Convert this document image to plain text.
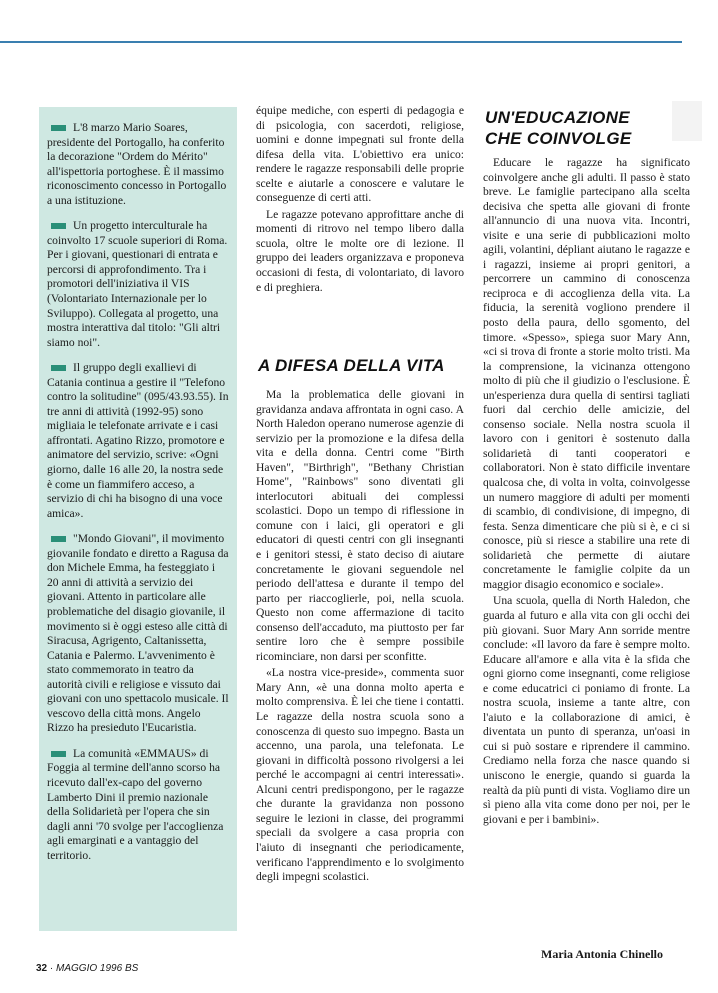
L'8 marzo Mario Soares, presidente del Portogallo, ha conferito la decorazione "Ordem do Mérito" all'ispettoria portoghese. È il massimo riconoscimento concesso in Portogallo a una istituzione.

Un progetto interculturale ha coinvolto 17 scuole superiori di Roma. Per i giovani, questionari di entrata e percorsi di approfondimento. Tra i promotori dell'iniziativa il VIS (Volontariato Internazionale per lo Sviluppo). Collegata al progetto, una mostra interattiva dal titolo: "Gli altri siamo noi".

Il gruppo degli exallievi di Catania continua a gestire il "Telefono contro la solitudine" (095/43.93.55). In tre anni di attività (1992-95) sono migliaia le telefonate arrivate e i casi affrontati. Agatino Rizzo, promotore e animatore del servizio, scrive: «Ogni giorno, dalle 16 alle 20, la nostra sede è come un fiammifero acceso, a servizio di chi ha bisogno di una voce amica».

"Mondo Giovani", il movimento giovanile fondato e diretto a Ragusa da don Michele Emma, ha festeggiato i 20 anni di attività a servizio dei giovani. Attento in particolare alle problematiche del disagio giovanile, il movimento si è oggi esteso alle città di Siracusa, Agrigento, Caltanissetta, Catania e Palermo. L'avvenimento è stato commemorato in teatro da autorità civili e religiose e vissuto dai giovani con uno spettacolo musicale. Il vescovo della città mons. Angelo Rizzo ha presieduto l'Eucaristia.

La comunità «EMMAUS» di Foggia al termine dell'anno scorso ha ricevuto dall'ex-capo del governo Lamberto Dini il premio nazionale della Solidarietà per l'opera che sin dagli anni '70 svolge per l'accoglienza agli emarginati e a vantaggio del territorio.

équipe mediche, con esperti di pedagogia e di psicologia, con sacerdoti, religiose, uomini e donne impegnati sul fronte della difesa della vita. L'obiettivo era unico: rendere le ragazze responsabili delle proprie scelte e aiutarle a conoscere e valutare le conseguenze di certi atti.

Le ragazze potevano approfittare anche di momenti di ritrovo nel tempo libero dalla scuola, oltre le molte ore di lezione. Il gruppo dei leaders organizzava e proponeva occasioni di festa, di volontariato, di lavoro e di preghiera.

A DIFESA DELLA VITA

Ma la problematica delle giovani in gravidanza andava affrontata in ogni caso. A North Haledon operano numerose agenzie di servizio per la promozione e la difesa della vita e della donna. Centri come "Birth Haven", "Birthrigh", "Bethany Christian Home", "Rainbows" sono diventati gli interlocutori abituali dei complessi scolastici. Dopo un tempo di riflessione in comune con i laici, gli operatori e gli educatori di questi centri con gli insegnanti e i genitori stessi, è stato deciso di aiutare concretamente le giovani seguendole nel periodo dell'attesa e durante il tempo del parto per riaccoglierle, poi, nella scuola. Questo non come affermazione di tacito consenso dell'accaduto, ma piuttosto per far sentire loro che è sempre possibile ricominciare, non darsi per sconfitte.

«La nostra vice-preside», commenta suor Mary Ann, «è una donna molto aperta e molto comprensiva. È lei che tiene i contatti. Le ragazze della nostra scuola sono a conoscenza di questo suo impegno. Basta un accenno, una parola, una telefonata. Le giovani in difficoltà possono rivolgersi a lei perché le accompagni ai centri interessati». Alcuni centri predispongono, per le ragazze che durante la gravidanza non possono seguire le lezioni in classe, dei programmi speciali da svolgere a casa propria con l'aiuto di insegnanti che periodicamente, verificano l'apprendimento e lo svolgimento degli impegni scolastici.

UN'EDUCAZIONE
CHE COINVOLGE

Educare le ragazze ha significato coinvolgere anche gli adulti. Il passo è stato breve. Le famiglie partecipano alla scelta decisiva che spetta alle giovani di fronte all'annuncio di una nuova vita. Incontri, visite e una serie di pubblicazioni molto agili, volantini, dépliant aiutano le ragazze e i ragazzi, insieme ai propri genitori, a percorrere un cammino di conoscenza reciproca e di accoglienza della vita. La fiducia, la serenità vogliono prendere il posto della paura, dello sgomento, del timore. «Spesso», spiega suor Mary Ann, «ci si trova di fronte a storie molto tristi. Ma la comprensione, la vicinanza ottengono molto di più che il giudizio o l'esclusione. È un'esperienza dura quella di sentirsi tagliati fuori dal cerchio delle amicizie, del consenso sociale. Nella nostra scuola il lavoro con i genitori è sostenuto dalla solidarietà di tanti cooperatori e collaboratori. Non è stato difficile inventare qualcosa che, di volta in volta, coinvolgesse un numero maggiore di adulti per momenti di scambio, di condivisione, di impegno, di festa. Senza dimenticare che più si è, e ci si conosce, più si riesce a stabilire una rete di solidarietà che permette di aiutare concretamente le famiglie colpite da un maggior disagio economico e sociale».

Una scuola, quella di North Haledon, che guarda al futuro e alla vita con gli occhi dei più giovani. Suor Mary Ann sorride mentre conclude: «Il lavoro da fare è sempre molto. Educare all'amore e alla vita è la sfida che ogni giorno come insegnanti, come religiose e come educatrici ci poniamo di fronte. La nostra scuola, insieme a tante altre, con l'aiuto e la collaborazione di amici, è diventata un punto di speranza, un'oasi in cui si può sostare e riprendere il cammino. Crediamo nella forza che nasce quando si uniscono le energie, quando si guarda la realtà da più punti di vista. Vogliamo dire un sì pieno alla vita come dono per noi, per le giovani e per i bambini».

Maria Antonia Chinello
32 · MAGGIO 1996 BS
